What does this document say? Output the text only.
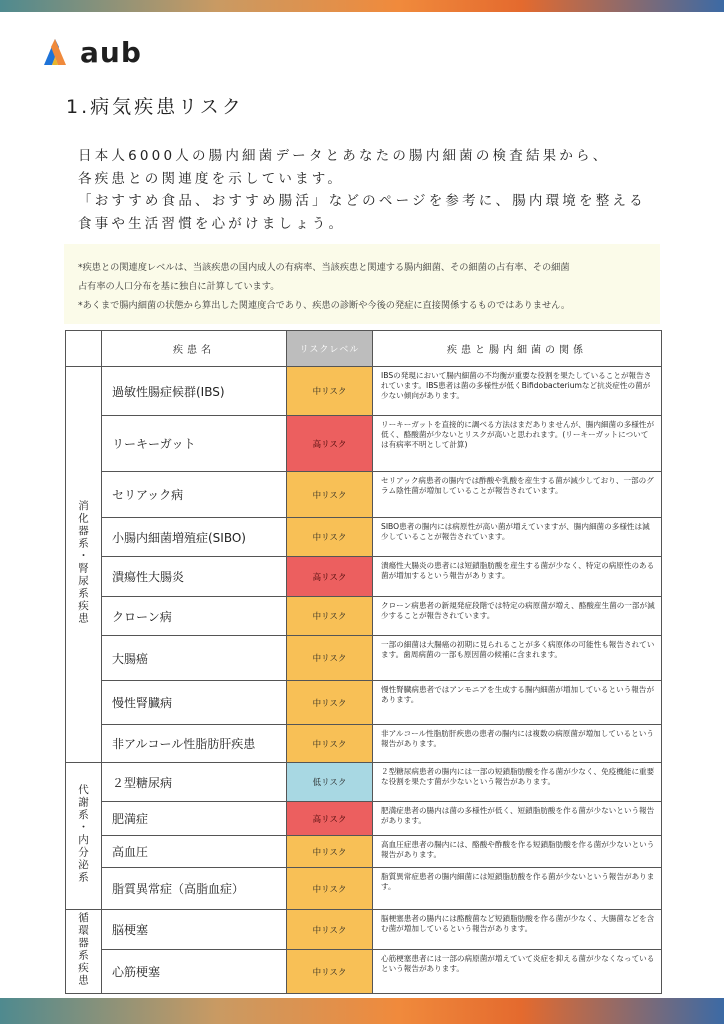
aub
1.病気疾患リスク
日本人6000人の腸内細菌データとあなたの腸内細菌の検査結果から、
各疾患との関連度を示しています。
「おすすめ食品、おすすめ腸活」などのページを参考に、腸内環境を整える
食事や生活習慣を心がけましょう。
*疾患との関連度レベルは、当該疾患の国内成人の有病率、当該疾患と関連する腸内細菌、その細菌の占有率、その細菌
占有率の人口分布を基に独自に計算しています。
*あくまで腸内細菌の状態から算出した関連度合であり、疾患の診断や今後の発症に直接関係するものではありません。
	疾患名	リスクレベル	疾患と腸内細菌の関係
消化器系・腎尿系疾患	過敏性腸症候群(IBS)	中リスク	IBSの発現において腸内細菌の不均衡が重要な役割を果たしていることが報告されています。IBS患者は菌の多様性が低くBifidobacteriumなど抗炎症性の菌が少ない傾向があります。
	リーキーガット	高リスク	リーキーガットを直接的に調べる方法はまだありませんが、腸内細菌の多様性が低く、酪酸菌が少ないとリスクが高いと思われます。(リーキーガットについては有病率不明として計算)
	セリアック病	中リスク	セリアック病患者の腸内では酢酸や乳酸を産生する菌が減少しており、一部のグラム陰性菌が増加していることが報告されています。
	小腸内細菌増殖症(SIBO)	中リスク	SIBO患者の腸内には病原性が高い菌が増えていますが、腸内細菌の多様性は減少していることが報告されています。
	潰瘍性大腸炎	高リスク	潰瘍性大腸炎の患者には短鎖脂肪酸を産生する菌が少なく、特定の病原性のある菌が増加するという報告があります。
	クローン病	中リスク	クローン病患者の新規発症段階では特定の病原菌が増え、酪酸産生菌の一部が減少することが報告されています。
	大腸癌	中リスク	一部の細菌は大腸癌の初期に見られることが多く病原体の可能性も報告されています。歯周病菌の一部も原因菌の候補に含まれます。
	慢性腎臓病	中リスク	慢性腎臓病患者ではアンモニアを生成する腸内細菌が増加しているという報告があります。
	非アルコール性脂肪肝疾患	中リスク	非アルコール性脂肪肝疾患の患者の腸内には複数の病原菌が増加しているという報告があります。
代謝系・内分泌系	２型糖尿病	低リスク	２型糖尿病患者の腸内には一部の短鎖脂肪酸を作る菌が少なく、免疫機能に重要な役割を果たす菌が少ないという報告があります。
	肥満症	高リスク	肥満症患者の腸内は菌の多様性が低く、短鎖脂肪酸を作る菌が少ないという報告があります。
	高血圧	中リスク	高血圧症患者の腸内には、酪酸や酢酸を作る短鎖脂肪酸を作る菌が少ないという報告があります。
	脂質異常症（高脂血症）	中リスク	脂質異常症患者の腸内細菌には短鎖脂肪酸を作る菌が少ないという報告があります。
循環器系疾患	脳梗塞	中リスク	脳梗塞患者の腸内には酪酸菌など短鎖脂肪酸を作る菌が少なく、大腸菌などを含む菌が増加しているという報告があります。
	心筋梗塞	中リスク	心筋梗塞患者には一部の病原菌が増えていて炎症を抑える菌が少なくなっているという報告があります。
